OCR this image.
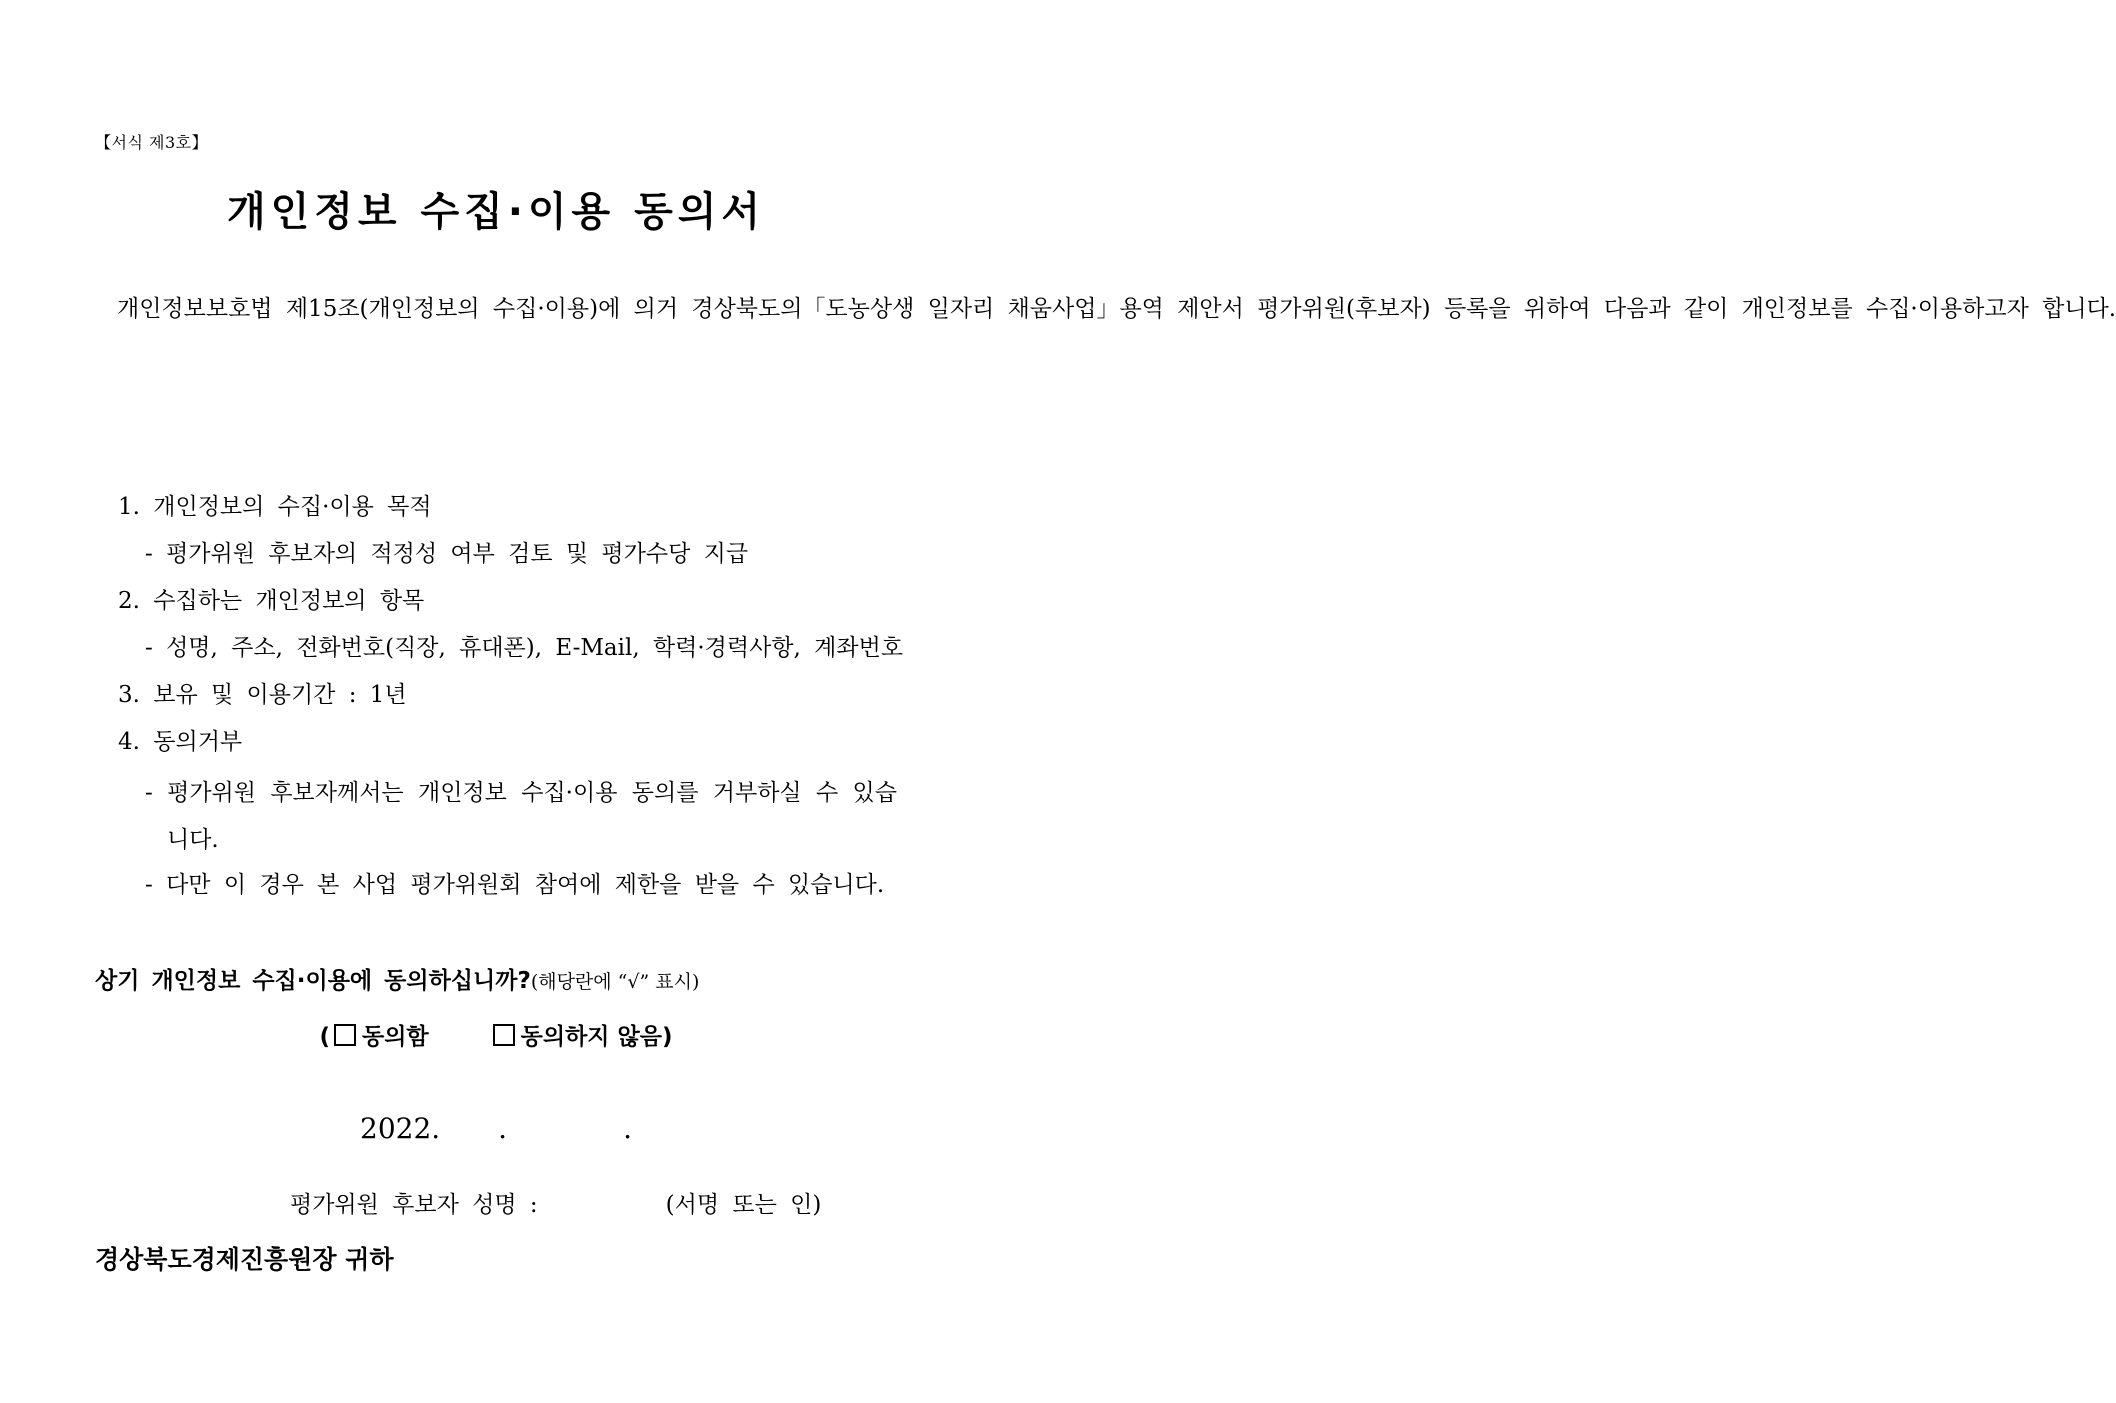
【서식 제3호】
개인정보 수집·이용 동의서
개인정보보호법 제15조(개인정보의 수집·이용)에 의거 경상북도의「도농상생 일자리 채움사업」용역 제안서 평가위원(후보자) 등록을 위하여 다음과 같이 개인정보를 수집·이용하고자 합니다.
1. 개인정보의 수집·이용 목적
- 평가위원 후보자의 적정성 여부 검토 및 평가수당 지급
2. 수집하는 개인정보의 항목
- 성명, 주소, 전화번호(직장, 휴대폰), E-Mail, 학력·경력사항, 계좌번호
3. 보유 및 이용기간 : 1년
4. 동의거부
- 평가위원 후보자께서는 개인정보 수집·이용 동의를 거부하실 수 있습니다.
- 다만 이 경우 본 사업 평가위원회 참여에 제한을 받을 수 있습니다.
상기 개인정보 수집·이용에 동의하십니까?(해당란에 “√” 표시)
( 동의함	동의하지 않음)
2022. .	.
평가위원 후보자 성명 :	(서명 또는 인)
경상북도경제진흥원장 귀하
